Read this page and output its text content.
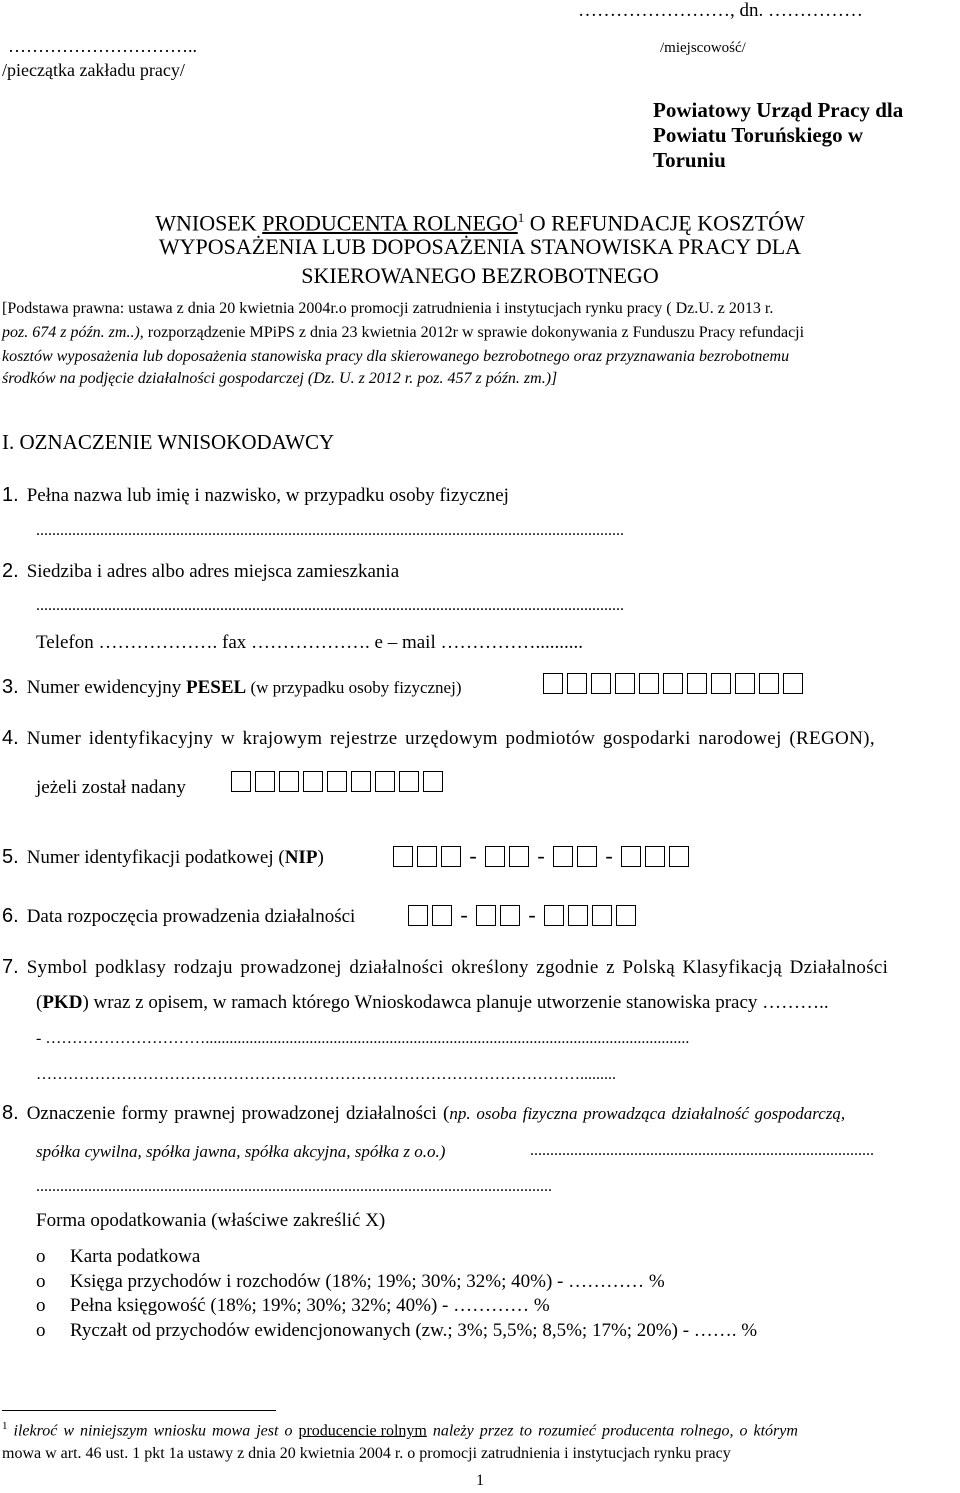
…………………………..
/pieczątka zakładu pracy/
……………………, dn. ……………
/miejscowość/
Powiatowy Urząd Pracy dla
Powiatu Toruńskiego w
Toruniu
WNIOSEK PRODUCENTA ROLNEGO$^1$ O REFUNDACJĘ KOSZTÓW
WYPOSAŻENIA LUB DOPOSAŻENIA STANOWISKA PRACY DLA
SKIEROWANEGO BEZROBOTNEGO
[Podstawa prawna: ustawa z dnia 20 kwietnia 2004r.o promocji zatrudnienia i instytucjach rynku pracy ( Dz.U. z 2013 r.
poz. 674 z późn. zm..), rozporządzenie MPiPS z dnia 23 kwietnia 2012r w sprawie dokonywania z Funduszu Pracy refundacji
kosztów wyposażenia lub doposażenia stanowiska pracy dla skierowanego bezrobotnego oraz przyznawania bezrobotnemu
środków na podjęcie działalności gospodarczej (Dz. U. z 2012 r. poz. 457 z późn. zm.)]
I. OZNACZENIE WNISOKODAWCY
1. Pełna nazwa lub imię i nazwisko, w przypadku osoby fizycznej
...................................................................................................................................................
2. Siedziba i adres albo adres miejsca zamieszkania
...................................................................................................................................................
Telefon ………………. fax ………………. e – mail ……………..........
3. Numer ewidencyjny PESEL (w przypadku osoby fizycznej)
4. Numer identyfikacyjny w krajowym rejestrze urzędowym podmiotów gospodarki narodowej (REGON),
jeżeli został nadany
5. Numer identyfikacji podatkowej (NIP)	-	-	-
6. Data rozpoczęcia prowadzenia działalności	-	-
7. Symbol podklasy rodzaju prowadzonej działalności określony zgodnie z Polską Klasyfikacją Działalności
(PKD) wraz z opisem, w ramach którego Wnioskodawca planuje utworzenie stanowiska pracy ………..
- ………………………….........................................................................................................................
………………………………………………………………………………………….........
8. Oznaczenie formy prawnej prowadzonej działalności (np. osoba fizyczna prowadząca działalność gospodarczą,
spółka cywilna, spółka jawna, spółka akcyjna, spółka z o.o.)	......................................................................................
.................................................................................................................................
Forma opodatkowania (właściwe zakreślić X)
o Karta podatkowa
o Księga przychodów i rozchodów (18%; 19%; 30%; 32%; 40%) - ………… %
o Pełna księgowość (18%; 19%; 30%; 32%; 40%) - ………… %
o Ryczałt od przychodów ewidencjonowanych (zw.; 3%; 5,5%; 8,5%; 17%; 20%) - ……. %
$^1$ ilekroć w niniejszym wniosku mowa jest o producencie rolnym należy przez to rozumieć producenta rolnego, o którym
mowa w art. 46 ust. 1 pkt 1a ustawy z dnia 20 kwietnia 2004 r. o promocji zatrudnienia i instytucjach rynku pracy
1
